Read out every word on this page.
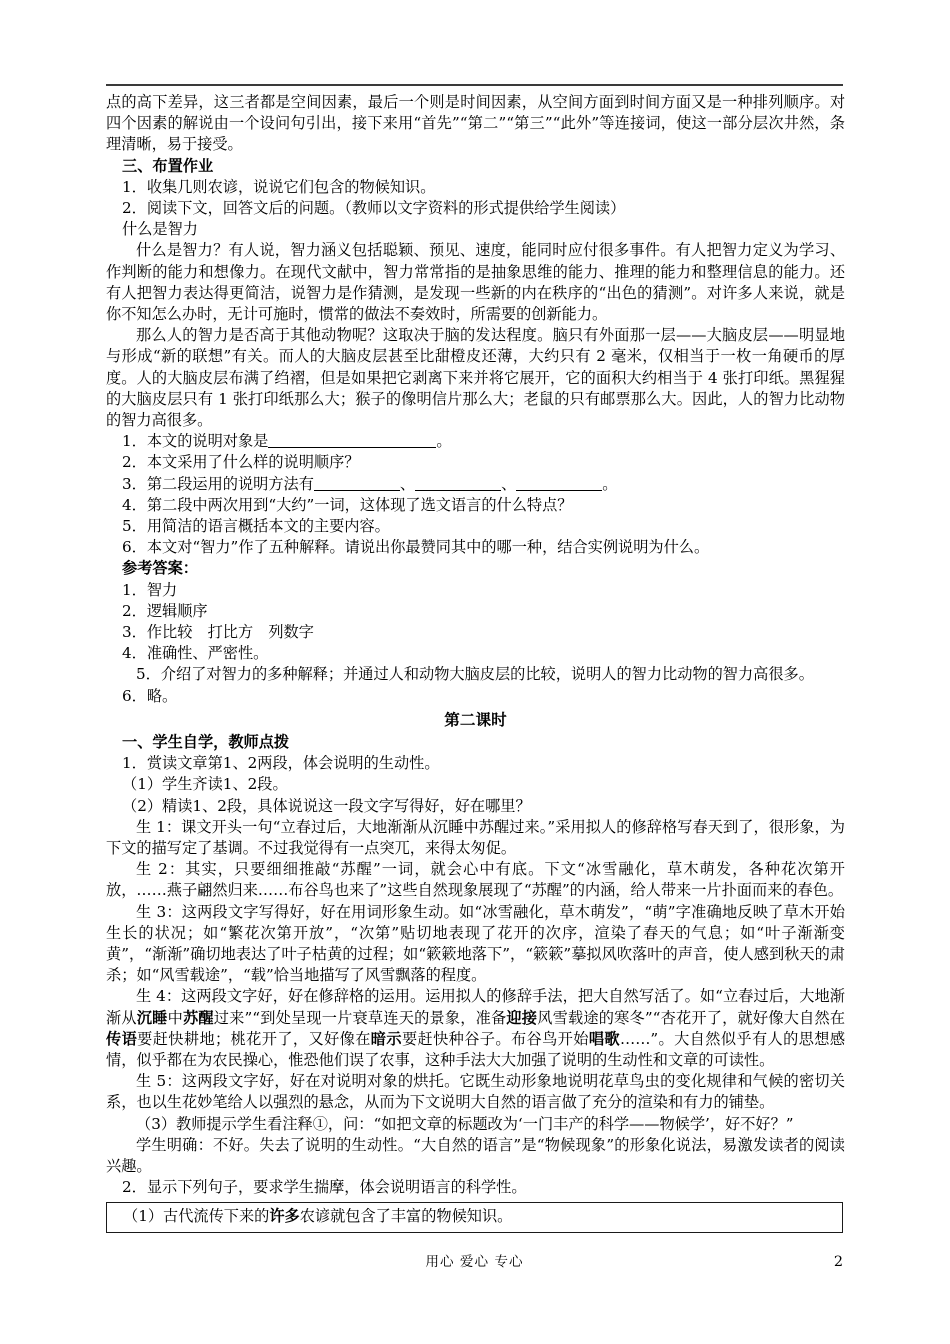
点的高下差异，这三者都是空间因素，最后一个则是时间因素，从空间方面到时间方面又是一种排列顺序。对四个因素的解说由一个设问句引出，接下来用“首先”“第二”“第三”“此外”等连接词，使这一部分层次井然，条理清晰，易于接受。

三、布置作业

1．收集几则农谚，说说它们包含的物候知识。

2．阅读下文，回答文后的问题。（教师以文字资料的形式提供给学生阅读）

什么是智力

什么是智力？有人说，智力涵义包括聪颖、预见、速度，能同时应付很多事件。有人把智力定义为学习、作判断的能力和想像力。在现代文献中，智力常常指的是抽象思维的能力、推理的能力和整理信息的能力。还有人把智力表达得更简洁，说智力是作猜测，是发现一些新的内在秩序的“出色的猜测”。对许多人来说，就是你不知怎么办时，无计可施时，惯常的做法不奏效时，所需要的创新能力。

那么人的智力是否高于其他动物呢？这取决于脑的发达程度。脑只有外面那一层——大脑皮层——明显地与形成“新的联想”有关。而人的大脑皮层甚至比甜橙皮还薄，大约只有 2 毫米，仅相当于一枚一角硬币的厚度。人的大脑皮层布满了绉褶，但是如果把它剥离下来并将它展开，它的面积大约相当于 4 张打印纸。黑猩猩的大脑皮层只有 1 张打印纸那么大；猴子的像明信片那么大；老鼠的只有邮票那么大。因此，人的智力比动物的智力高很多。

1．本文的说明对象是	。

2．本文采用了什么样的说明顺序？

3．第二段运用的说明方法有	、	、	。

4．第二段中两次用到“大约”一词，这体现了选文语言的什么特点？

5．用简洁的语言概括本文的主要内容。

6．本文对“智力”作了五种解释。请说出你最赞同其中的哪一种，结合实例说明为什么。

参考答案：

1．智力

2．逻辑顺序

3．作比较　打比方　列数字

4．准确性、严密性。

5．介绍了对智力的多种解释；并通过人和动物大脑皮层的比较，说明人的智力比动物的智力高很多。

6．略。

第二课时

一、学生自学，教师点拨

1．赏读文章第1、2两段，体会说明的生动性。

（1）学生齐读1、2段。

（2）精读1、2段，具体说说这一段文字写得好，好在哪里？

生 1：课文开头一句“立春过后，大地渐渐从沉睡中苏醒过来。”采用拟人的修辞格写春天到了，很形象，为下文的描写定了基调。不过我觉得有一点突兀，来得太匆促。

生 2：其实，只要细细推敲“苏醒”一词，就会心中有底。下文“冰雪融化，草木萌发，各种花次第开放，……燕子翩然归来……布谷鸟也来了”这些自然现象展现了“苏醒”的内涵，给人带来一片扑面而来的春色。

生 3：这两段文字写得好，好在用词形象生动。如“冰雪融化，草木萌发”，“萌”字准确地反映了草木开始生长的状况；如“繁花次第开放”，“次第”贴切地表现了花开的次序，渲染了春天的气息；如“叶子渐渐变黄”，“渐渐”确切地表达了叶子枯黄的过程；如“簌簌地落下”，“簌簌”摹拟风吹落叶的声音，使人感到秋天的肃杀；如“风雪载途”，“载”恰当地描写了风雪飘落的程度。

生 4：这两段文字好，好在修辞格的运用。运用拟人的修辞手法，把大自然写活了。如“立春过后，大地渐渐从沉睡中苏醒过来”“到处呈现一片衰草连天的景象，准备迎接风雪载途的寒冬”“杏花开了，就好像大自然在传语要赶快耕地；桃花开了，又好像在暗示要赶快种谷子。布谷鸟开始唱歌……”。大自然似乎有人的思想感情，似乎都在为农民操心，惟恐他们误了农事，这种手法大大加强了说明的生动性和文章的可读性。

生 5：这两段文字好，好在对说明对象的烘托。它既生动形象地说明花草鸟虫的变化规律和气候的密切关系，也以生花妙笔给人以强烈的悬念，从而为下文说明大自然的语言做了充分的渲染和有力的铺垫。

（3）教师提示学生看注释①，问：“如把文章的标题改为‘一门丰产的科学——物候学’，好不好？”

学生明确：不好。失去了说明的生动性。“大自然的语言”是“物候现象”的形象化说法，易激发读者的阅读兴趣。

2．显示下列句子，要求学生揣摩，体会说明语言的科学性。

（1）古代流传下来的许多农谚就包含了丰富的物候知识。

用心 爱心 专心	2
